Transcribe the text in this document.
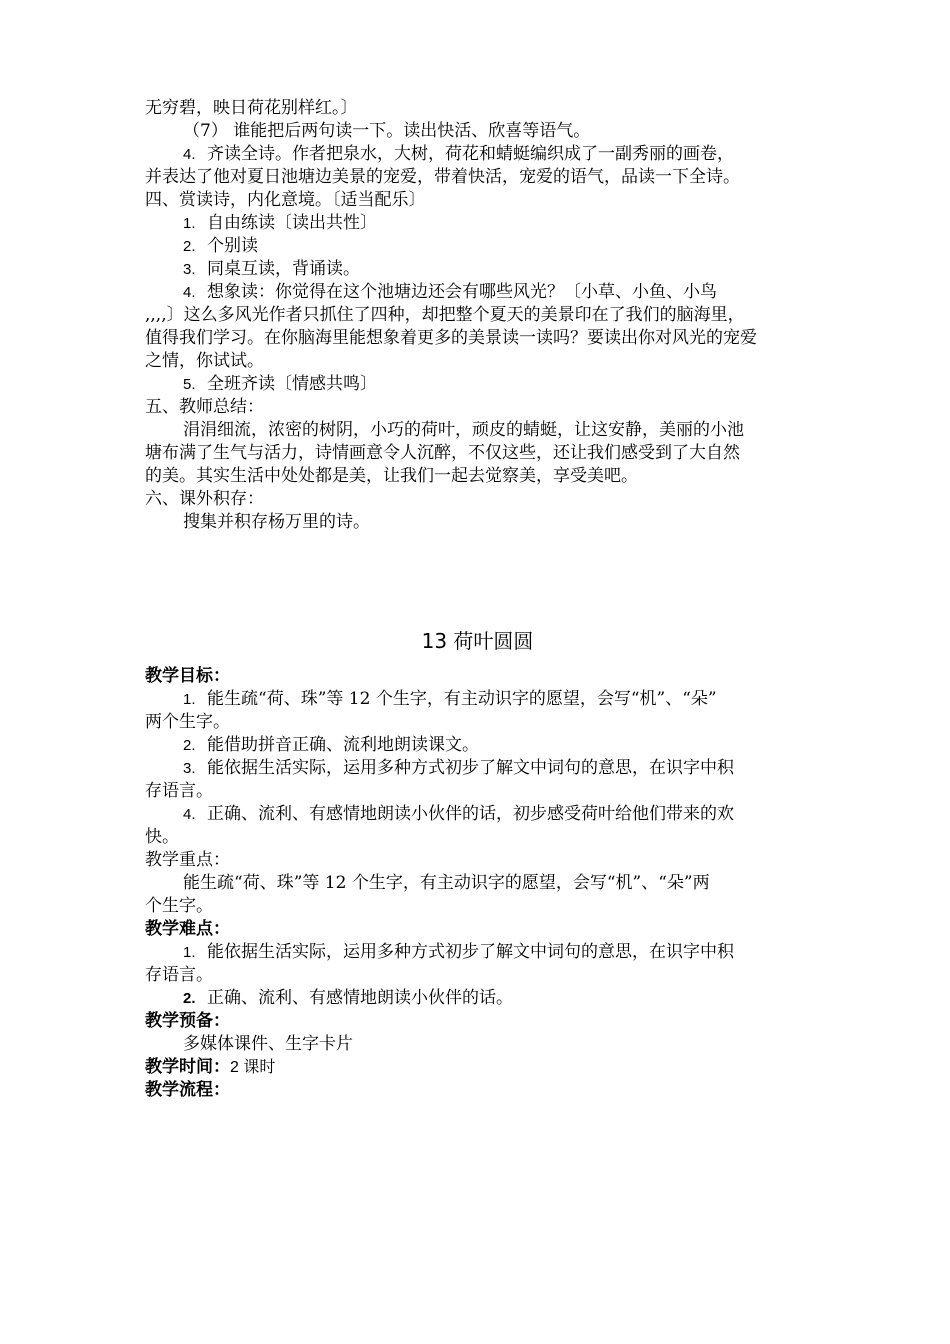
无穷碧，映日荷花别样红。〕
（7） 谁能把后两句读一下。读出快活、欣喜等语气。
4. 齐读全诗。作者把泉水，大树，荷花和蜻蜓编织成了一副秀丽的画卷，
并表达了他对夏日池塘边美景的宠爱，带着快活，宠爱的语气，品读一下全诗。
四、赏读诗，内化意境。〔适当配乐〕
1. 自由练读〔读出共性〕
2. 个别读
3. 同桌互读，背诵读。
4. 想象读：你觉得在这个池塘边还会有哪些风光？〔小草、小鱼、小鸟
,,,,〕这么多风光作者只抓住了四种，却把整个夏天的美景印在了我们的脑海里，
值得我们学习。在你脑海里能想象着更多的美景读一读吗？要读出你对风光的宠爱
之情，你试试。
5. 全班齐读〔情感共鸣〕
五、教师总结：
涓涓细流，浓密的树阴，小巧的荷叶，顽皮的蜻蜓，让这安静，美丽的小池
塘布满了生气与活力，诗情画意令人沉醉，不仅这些，还让我们感受到了大自然
的美。其实生活中处处都是美，让我们一起去觉察美，享受美吧。
六、课外积存：
搜集并积存杨万里的诗。
13 荷叶圆圆
教学目标：
1. 能生疏“荷、珠”等 12 个生字，有主动识字的愿望，会写“机”、“朵”
两个生字。
2. 能借助拼音正确、流利地朗读课文。
3. 能依据生活实际，运用多种方式初步了解文中词句的意思，在识字中积
存语言。
4. 正确、流利、有感情地朗读小伙伴的话，初步感受荷叶给他们带来的欢
快。
教学重点：
能生疏“荷、珠”等 12 个生字，有主动识字的愿望，会写“机”、“朵”两
个生字。
教学难点：
1. 能依据生活实际，运用多种方式初步了解文中词句的意思，在识字中积
存语言。
2. 正确、流利、有感情地朗读小伙伴的话。
教学预备：
多媒体课件、生字卡片
教学时间：2 课时
教学流程：
